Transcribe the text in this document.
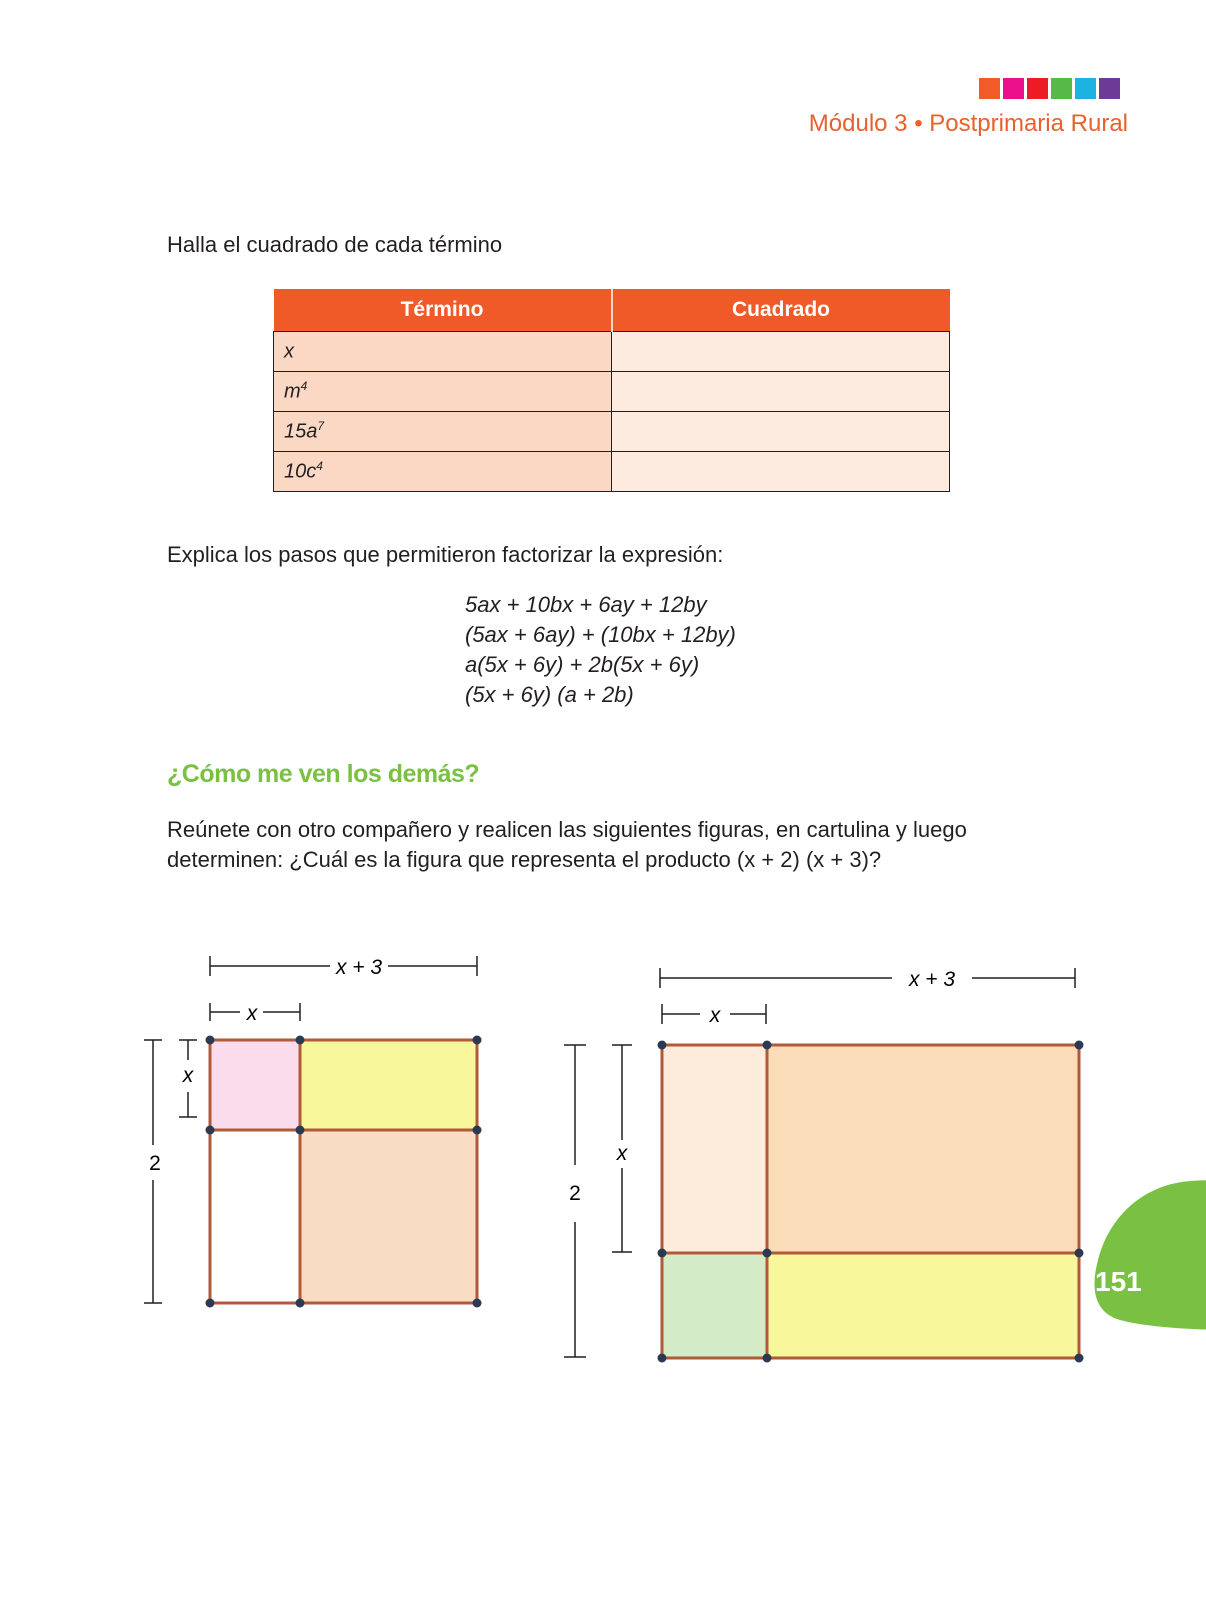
Módulo 3 • Postprimaria Rural
Halla el cuadrado de cada término
Término	Cuadrado
x	
$m^4$	
$15a^7$	
$10c^4$	
Explica los pasos que permitieron factorizar la expresión:
5ax + 10bx + 6ay + 12by
(5ax + 6ay) + (10bx + 12by)
a(5x + 6y) + 2b(5x + 6y)
(5x + 6y) (a + 2b)
¿Cómo me ven los demás?
Reúnete con otro compañero y realicen las siguientes figuras, en cartulina y luego determinen: ¿Cuál es la figura que representa el producto (x + 2) (x + 3)?
x + 3
x
x
2
x + 3
x
x
2
151
